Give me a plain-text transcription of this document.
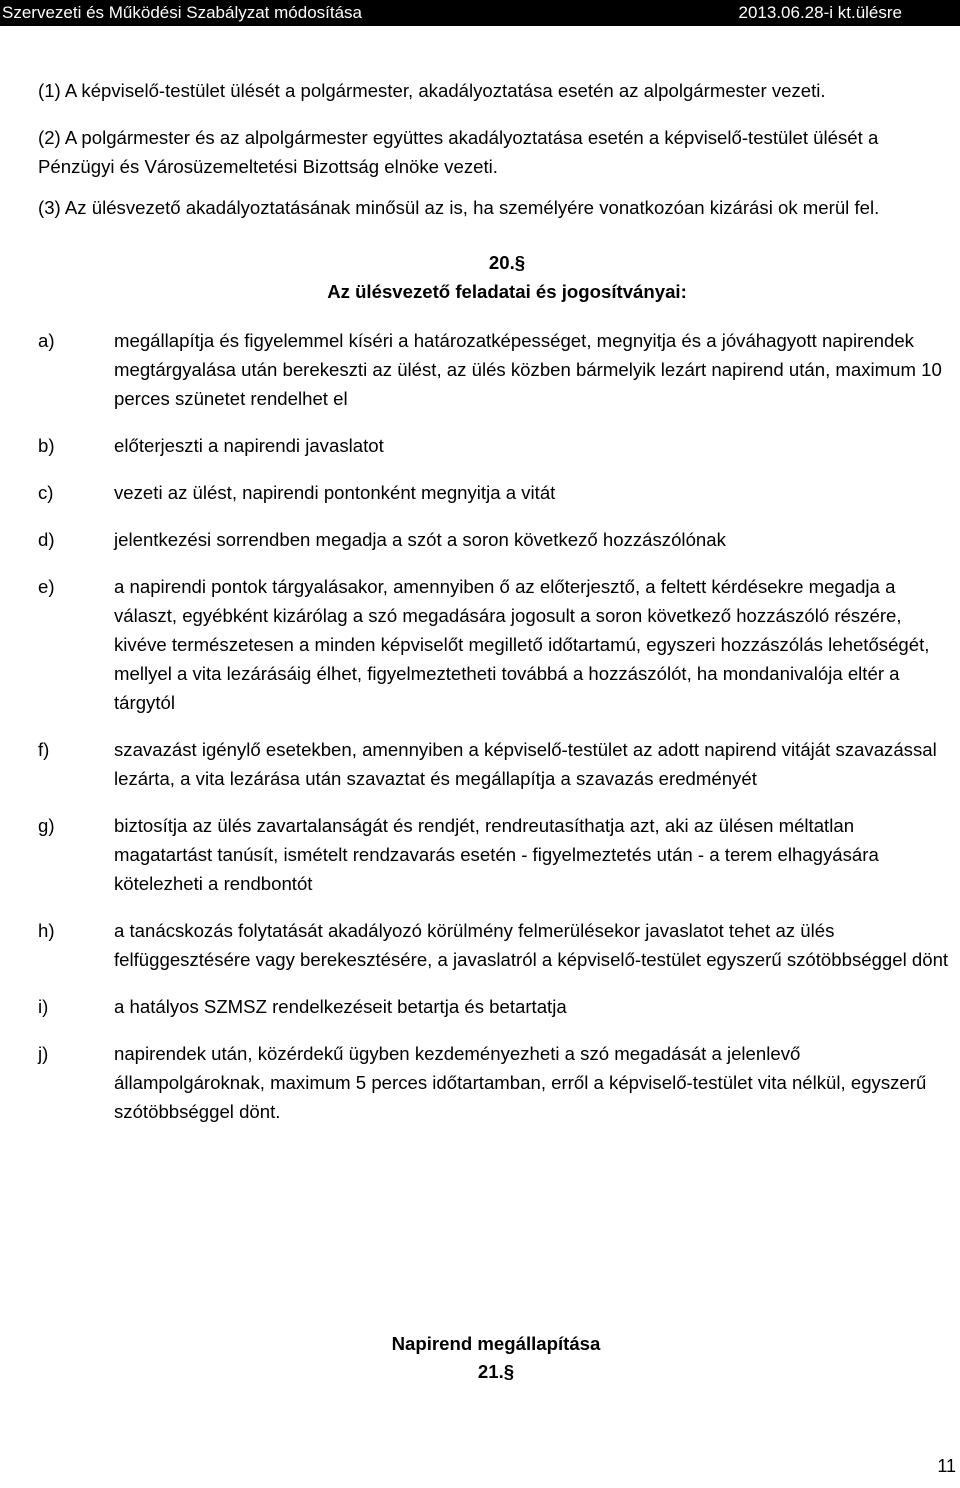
Szervezeti és Működési Szabályzat módosítása	2013.06.28-i kt.ülésre

(1) A képviselő-testület ülését a polgármester, akadályoztatása esetén az alpolgármester vezeti.

(2) A polgármester és az alpolgármester együttes akadályoztatása esetén a képviselő-testület ülését a Pénzügyi és Városüzemeltetési Bizottság elnöke vezeti.

(3) Az ülésvezető akadályoztatásának minősül az is, ha személyére vonatkozóan kizárási ok merül fel.

20.§
Az ülésvezető feladatai és jogosítványai:
a)	megállapítja és figyelemmel kíséri a határozatképességet, megnyitja és a jóváhagyott napirendek megtárgyalása után berekeszti az ülést, az ülés közben bármelyik lezárt napirend után, maximum 10 perces szünetet rendelhet el
b)	előterjeszti a napirendi javaslatot
c)	vezeti az ülést, napirendi pontonként megnyitja a vitát
d)	jelentkezési sorrendben megadja a szót a soron következő hozzászólónak
e)	a napirendi pontok tárgyalásakor, amennyiben ő az előterjesztő, a feltett kérdésekre megadja a választ, egyébként kizárólag a szó megadására jogosult a soron következő hozzászóló részére, kivéve természetesen a minden képviselőt megillető időtartamú, egyszeri hozzászólás lehetőségét, mellyel a vita lezárásáig élhet, figyelmeztetheti továbbá a hozzászólót, ha mondanivalója eltér a tárgytól
f)	szavazást igénylő esetekben, amennyiben a képviselő-testület az adott napirend vitáját szavazással lezárta, a vita lezárása után szavaztat és megállapítja a szavazás eredményét
g)	biztosítja az ülés zavartalanságát és rendjét, rendreutasíthatja azt, aki az ülésen méltatlan magatartást tanúsít, ismételt rendzavarás esetén - figyelmeztetés után - a terem elhagyására kötelezheti a rendbontót
h)	a tanácskozás folytatását akadályozó körülmény felmerülésekor javaslatot tehet az ülés felfüggesztésére vagy berekesztésére, a javaslatról a képviselő-testület egyszerű szótöbbséggel dönt
i)	a hatályos SZMSZ rendelkezéseit betartja és betartatja
j)	napirendek után, közérdekű ügyben kezdeményezheti a szó megadását a jelenlevő állampolgároknak, maximum 5 perces időtartamban, erről a képviselő-testület vita nélkül, egyszerű szótöbbséggel dönt.
Napirend megállapítása
21.§
11
